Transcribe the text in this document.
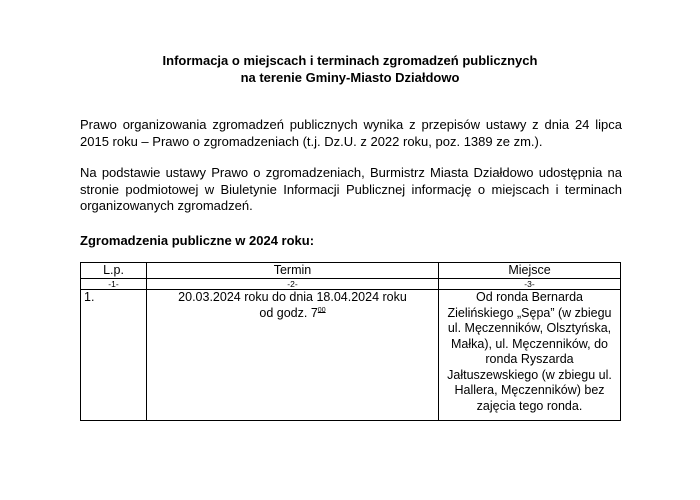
Informacja o miejscach i terminach zgromadzeń publicznych
na terenie Gminy-Miasto Działdowo
Prawo organizowania zgromadzeń publicznych wynika z przepisów ustawy z dnia 24 lipca 2015 roku – Prawo o zgromadzeniach (t.j. Dz.U. z 2022 roku, poz. 1389 ze zm.).
Na podstawie ustawy Prawo o zgromadzeniach, Burmistrz Miasta Działdowo udostępnia na stronie podmiotowej w Biuletynie Informacji Publicznej informację o miejscach i terminach organizowanych zgromadzeń.
Zgromadzenia publiczne w 2024 roku:
L.p.	Termin	Miejsce
-1-	-2-	-3-
1.	20.03.2024 roku do dnia 18.04.2024 roku
od godz. $7^{00}$	Od ronda Bernarda Zielińskiego „Sępa” (w zbiegu ul. Męczenników, Olsztyńska, Małka), ul. Męczenników, do ronda Ryszarda Jałtuszewskiego (w zbiegu ul. Hallera, Męczenników) bez zajęcia tego ronda.
